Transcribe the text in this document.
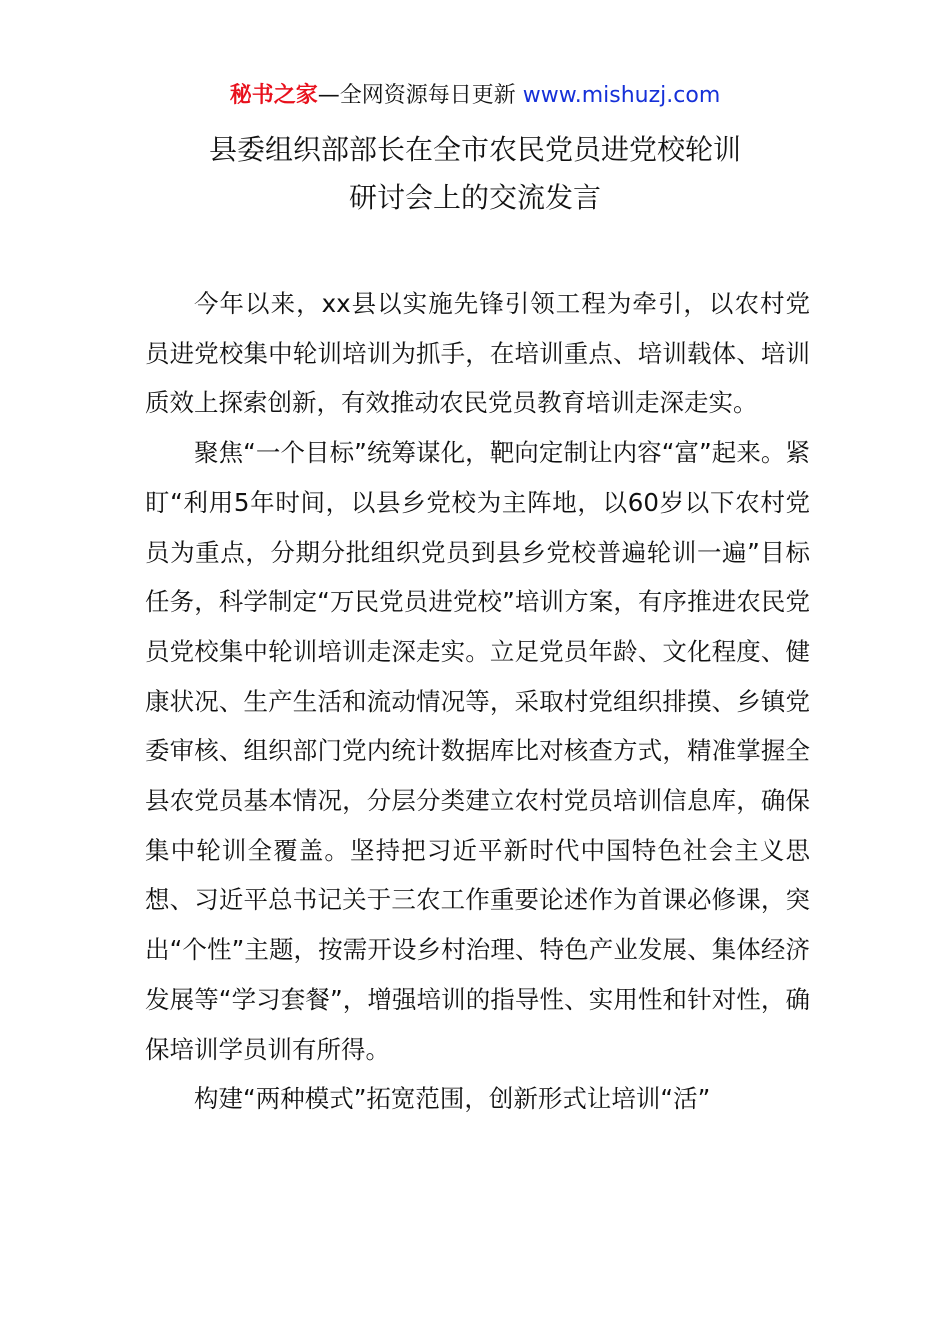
秘书之家—全网资源每日更新 www.mishuzj.com
县委组织部部长在全市农民党员进党校轮训
研讨会上的交流发言

今年以来，xx县以实施先锋引领工程为牵引，以农村党员进党校集中轮训培训为抓手，在培训重点、培训载体、培训质效上探索创新，有效推动农民党员教育培训走深走实。

聚焦“一个目标”统筹谋化，靶向定制让内容“富”起来。紧盯“利用5年时间，以县乡党校为主阵地，以60岁以下农村党员为重点，分期分批组织党员到县乡党校普遍轮训一遍”目标任务，科学制定“万民党员进党校”培训方案，有序推进农民党员党校集中轮训培训走深走实。立足党员年龄、文化程度、健康状况、生产生活和流动情况等，采取村党组织排摸、乡镇党委审核、组织部门党内统计数据库比对核查方式，精准掌握全县农党员基本情况，分层分类建立农村党员培训信息库，确保集中轮训全覆盖。坚持把习近平新时代中国特色社会主义思想、习近平总书记关于三农工作重要论述作为首课必修课，突出“个性”主题，按需开设乡村治理、特色产业发展、集体经济发展等“学习套餐”，增强培训的指导性、实用性和针对性，确保培训学员训有所得。

构建“两种模式”拓宽范围，创新形式让培训“活”
